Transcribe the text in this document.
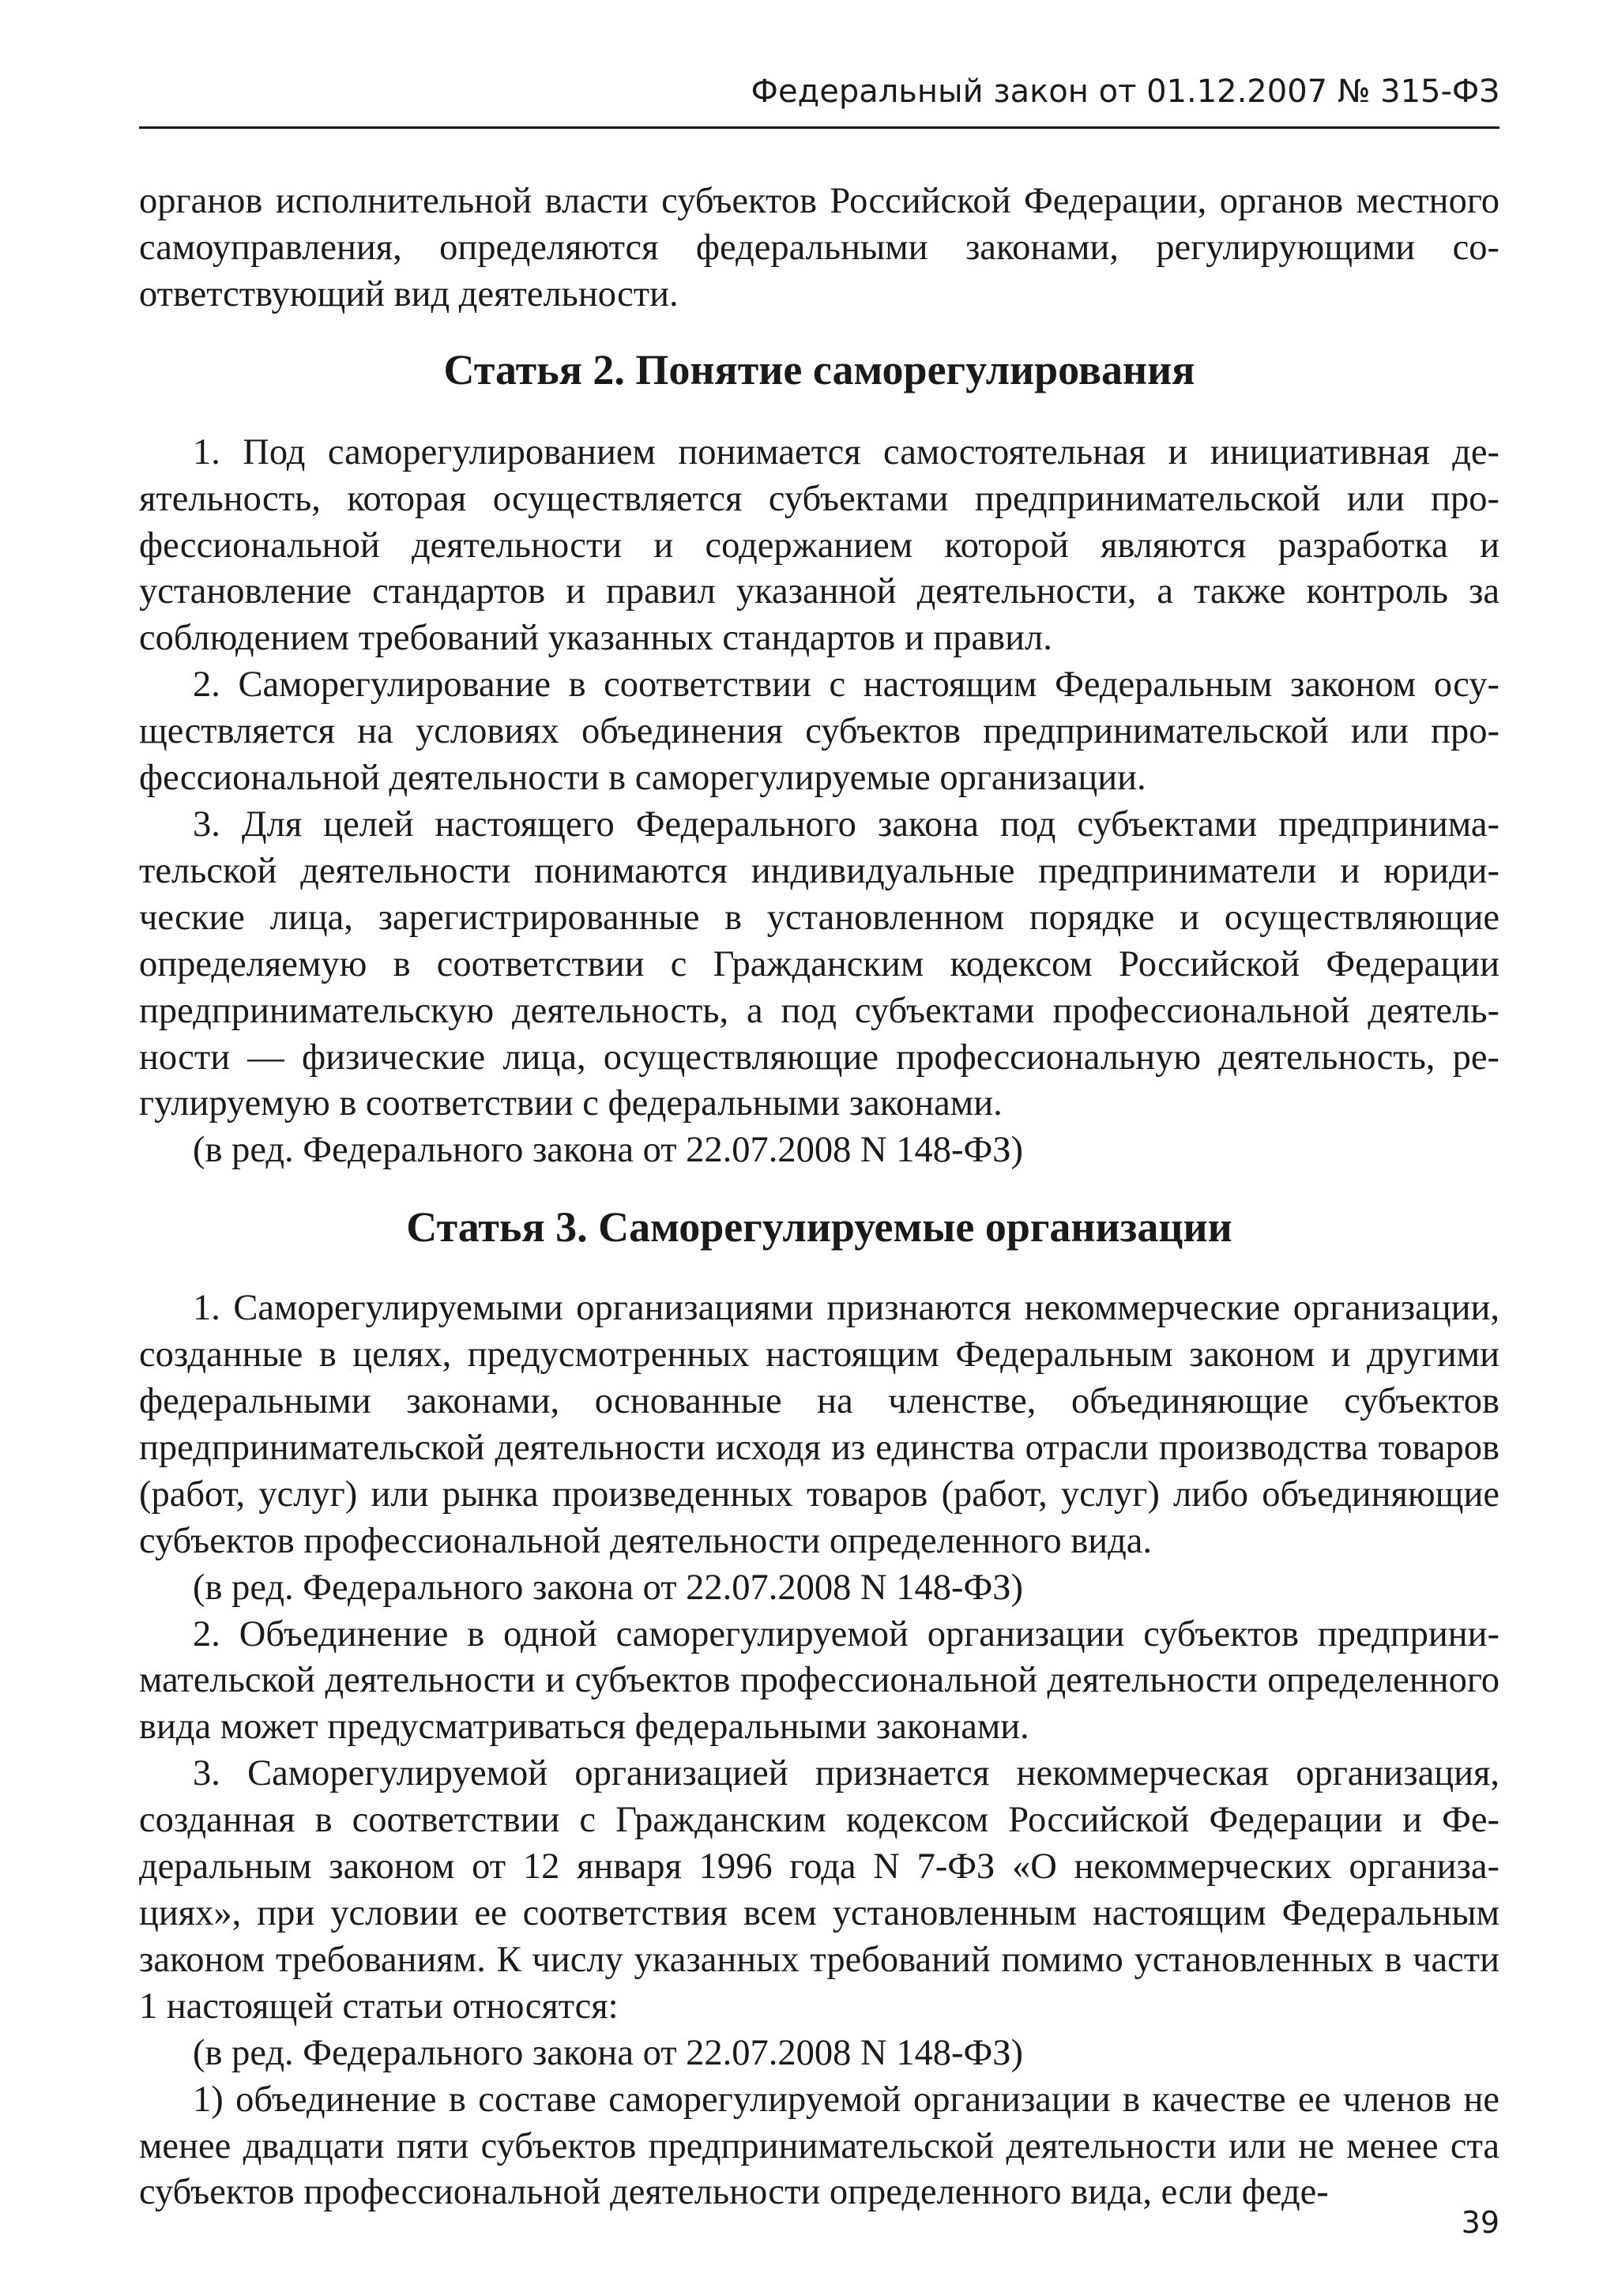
Федеральный закон от 01.12.2007 № 315-ФЗ

органов исполнительной власти субъектов Российской Федерации, органов местного самоуправления, определяются федеральными законами, регулирующими соответствующий вид деятельности.

Статья 2. Понятие саморегулирования

1. Под саморегулированием понимается самостоятельная и инициативная деятельность, которая осуществляется субъектами предпринимательской или профессиональной деятельности и содержанием которой являются разработка и установление стандартов и правил указанной деятельности, а также контроль за соблюдением требований указанных стандартов и правил.

2. Саморегулирование в соответствии с настоящим Федеральным законом осуществляется на условиях объединения субъектов предпринимательской или профессиональной деятельности в саморегулируемые организации.

3. Для целей настоящего Федерального закона под субъектами предпринимательской деятельности понимаются индивидуальные предприниматели и юридические лица, зарегистрированные в установленном порядке и осуществляющие определяемую в соответствии с Гражданским кодексом Российской Федерации предпринимательскую деятельность, а под субъектами профессиональной деятельности — физические лица, осуществляющие профессиональную деятельность, регулируемую в соответствии с федеральными законами.

(в ред. Федерального закона от 22.07.2008 N 148-ФЗ)

Статья 3. Саморегулируемые организации

1. Саморегулируемыми организациями признаются некоммерческие организации, созданные в целях, предусмотренных настоящим Федеральным законом и другими федеральными законами, основанные на членстве, объединяющие субъектов предпринимательской деятельности исходя из единства отрасли производства товаров (работ, услуг) или рынка произведенных товаров (работ, услуг) либо объединяющие субъектов профессиональной деятельности определенного вида.

(в ред. Федерального закона от 22.07.2008 N 148-ФЗ)

2. Объединение в одной саморегулируемой организации субъектов предпринимательской деятельности и субъектов профессиональной деятельности определенного вида может предусматриваться федеральными законами.

3. Саморегулируемой организацией признается некоммерческая организация, созданная в соответствии с Гражданским кодексом Российской Федерации и Федеральным законом от 12 января 1996 года N 7-ФЗ «О некоммерческих организациях», при условии ее соответствия всем установленным настоящим Федеральным законом требованиям. К числу указанных требований помимо установленных в части 1 настоящей статьи относятся:

(в ред. Федерального закона от 22.07.2008 N 148-ФЗ)

1) объединение в составе саморегулируемой организации в качестве ее членов не менее двадцати пяти субъектов предпринимательской деятельности или не менее ста субъектов профессиональной деятельности определенного вида, если феде-

39
